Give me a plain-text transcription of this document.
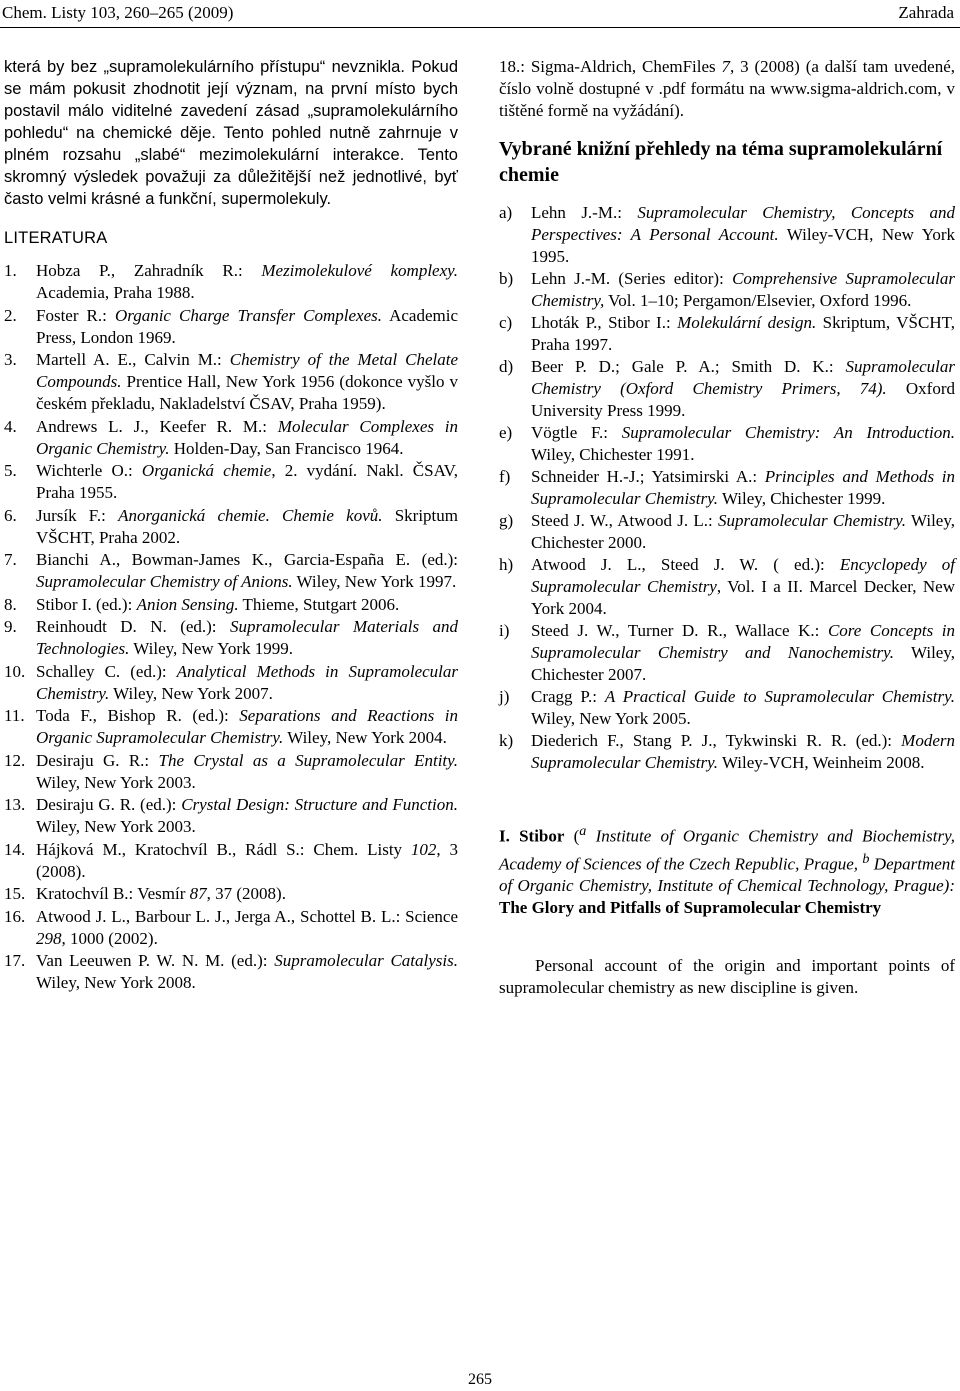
Chem. Listy 103, 260–265 (2009)	Zahrada

která by bez „supramolekulárního přístupu“ nevznikla. Pokud se mám pokusit zhodnotit její význam, na první místo bych postavil málo viditelné zavedení zásad „supramolekulárního pohledu“ na chemické děje. Tento pohled nutně zahrnuje v plném rozsahu „slabé“ mezimolekulární interakce. Tento skromný výsledek považuji za důležitější než jednotlivé, byť často velmi krásné a funkční, supermolekuly.

LITERATURA
1. Hobza P., Zahradník R.: Mezimolekulové komplexy. Academia, Praha 1988.
2. Foster R.: Organic Charge Transfer Complexes. Academic Press, London 1969.
3. Martell A. E., Calvin M.: Chemistry of the Metal Chelate Compounds. Prentice Hall, New York 1956 (dokonce vyšlo v českém překladu, Nakladelství ČSAV, Praha 1959).
4. Andrews L. J., Keefer R. M.: Molecular Complexes in Organic Chemistry. Holden-Day, San Francisco 1964.
5. Wichterle O.: Organická chemie, 2. vydání. Nakl. ČSAV, Praha 1955.
6. Jursík F.: Anorganická chemie. Chemie kovů. Skriptum VŠCHT, Praha 2002.
7. Bianchi A., Bowman-James K., Garcia-España E. (ed.): Supramolecular Chemistry of Anions. Wiley, New York 1997.
8. Stibor I. (ed.): Anion Sensing. Thieme, Stutgart 2006.
9. Reinhoudt D. N. (ed.): Supramolecular Materials and Technologies. Wiley, New York 1999.
10. Schalley C. (ed.): Analytical Methods in Supramolecular Chemistry. Wiley, New York 2007.
11. Toda F., Bishop R. (ed.): Separations and Reactions in Organic Supramolecular Chemistry. Wiley, New York 2004.
12. Desiraju G. R.: The Crystal as a Supramolecular Entity. Wiley, New York 2003.
13. Desiraju G. R. (ed.): Crystal Design: Structure and Function. Wiley, New York 2003.
14. Hájková M., Kratochvíl B., Rádl S.: Chem. Listy 102, 3 (2008).
15. Kratochvíl B.: Vesmír 87, 37 (2008).
16. Atwood J. L., Barbour L. J., Jerga A., Schottel B. L.: Science 298, 1000 (2002).
17. Van Leeuwen P. W. N. M. (ed.): Supramolecular Catalysis. Wiley, New York 2008.

18.: Sigma-Aldrich, ChemFiles 7, 3 (2008) (a další tam uvedené, číslo volně dostupné v .pdf formátu na www.sigma-aldrich.com, v tištěné formě na vyžádání).

Vybrané knižní přehledy na téma supramolekulární chemie
a) Lehn J.-M.: Supramolecular Chemistry, Concepts and Perspectives: A Personal Account. Wiley-VCH, New York 1995.
b) Lehn J.-M. (Series editor): Comprehensive Supramolecular Chemistry, Vol. 1–10; Pergamon/Elsevier, Oxford 1996.
c) Lhoták P., Stibor I.: Molekulární design. Skriptum, VŠCHT, Praha 1997.
d) Beer P. D.; Gale P. A.; Smith D. K.: Supramolecular Chemistry (Oxford Chemistry Primers, 74). Oxford University Press 1999.
e) Vögtle F.: Supramolecular Chemistry: An Introduction. Wiley, Chichester 1991.
f) Schneider H.-J.; Yatsimirski A.: Principles and Methods in Supramolecular Chemistry. Wiley, Chichester 1999.
g) Steed J. W., Atwood J. L.: Supramolecular Chemistry. Wiley, Chichester 2000.
h) Atwood J. L., Steed J. W. ( ed.): Encyclopedy of Supramolecular Chemistry, Vol. I a II. Marcel Decker, New York 2004.
i) Steed J. W., Turner D. R., Wallace K.: Core Concepts in Supramolecular Chemistry and Nanochemistry. Wiley, Chichester 2007.
j) Cragg P.: A Practical Guide to Supramolecular Chemistry. Wiley, New York 2005.
k) Diederich F., Stang P. J., Tykwinski R. R. (ed.): Modern Supramolecular Chemistry. Wiley-VCH, Weinheim 2008.

I. Stibor ($^a$ Institute of Organic Chemistry and Biochemistry, Academy of Sciences of the Czech Republic, Prague, $^b$ Department of Organic Chemistry, Institute of Chemical Technology, Prague): The Glory and Pitfalls of Supramolecular Chemistry

Personal account of the origin and important points of supramolecular chemistry as new discipline is given.

265
